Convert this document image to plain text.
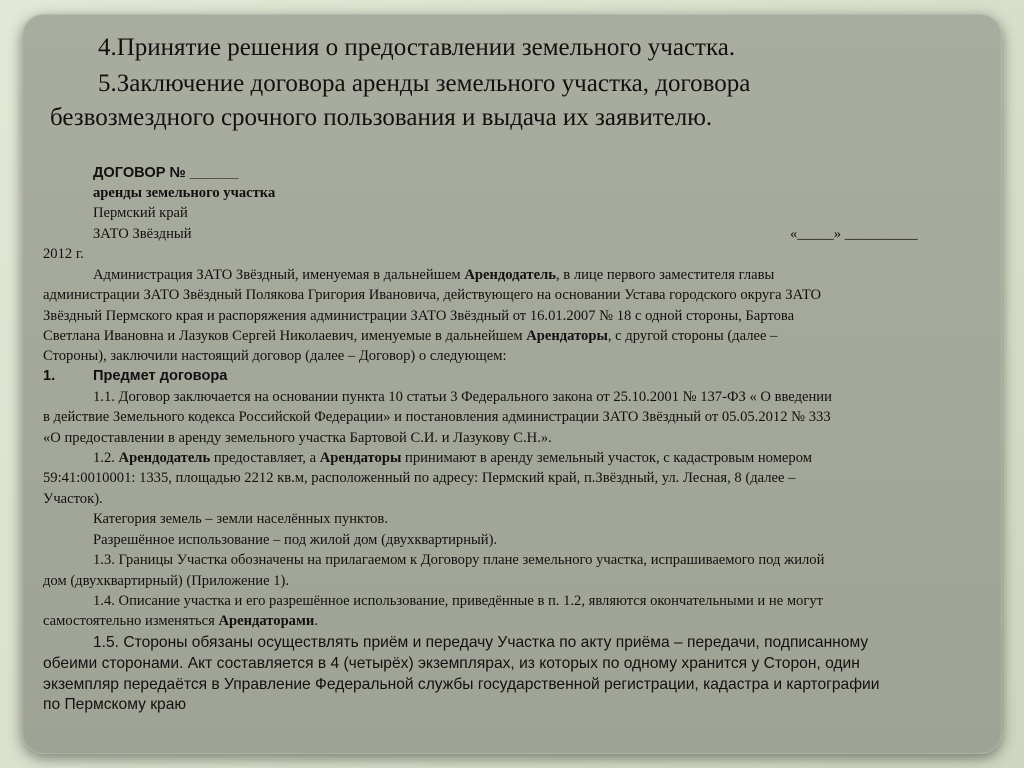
4.Принятие решения о предоставлении земельного участка.
5.Заключение договора аренды земельного участка, договора
безвозмездного срочного пользования и выдача их заявителю.
ДОГОВОР № ______
аренды земельного участка
Пермский край
ЗАТО Звёздный	«_____» __________
2012 г.
Администрация ЗАТО Звёздный, именуемая в дальнейшем Арендодатель, в лице первого заместителя главы
администрации ЗАТО Звёздный Полякова Григория Ивановича, действующего на основании Устава городского округа ЗАТО
Звёздный Пермского края и распоряжения администрации ЗАТО Звёздный от 16.01.2007 № 18 с одной стороны, Бартова
Светлана Ивановна и Лазуков Сергей Николаевич, именуемые в дальнейшем Арендаторы, с другой стороны (далее –
Стороны), заключили настоящий договор (далее – Договор) о следующем:
1.	Предмет договора
1.1. Договор заключается на основании пункта 10 статьи 3 Федерального закона от 25.10.2001 № 137-ФЗ « О введении
в действие Земельного кодекса Российской Федерации» и постановления администрации ЗАТО Звёздный от 05.05.2012 № 333
«О предоставлении в аренду земельного участка Бартовой С.И. и Лазукову С.Н.».
1.2. Арендодатель предоставляет, а Арендаторы принимают в аренду земельный участок, с кадастровым номером
59:41:0010001: 1335, площадью 2212 кв.м, расположенный по адресу: Пермский край, п.Звёздный, ул. Лесная, 8 (далее –
Участок).
Категория земель – земли населённых пунктов.
Разрешённое использование – под жилой дом (двухквартирный).
1.3. Границы Участка обозначены на прилагаемом к Договору плане земельного участка, испрашиваемого под жилой
дом (двухквартирный) (Приложение 1).
1.4. Описание участка и его разрешённое использование, приведённые в п. 1.2, являются окончательными и не могут
самостоятельно изменяться Арендаторами.
1.5. Стороны обязаны осуществлять приём и передачу Участка по акту приёма – передачи, подписанному
обеими сторонами. Акт составляется в 4 (четырёх) экземплярах, из которых по одному хранится у Сторон, один
экземпляр передаётся в Управление Федеральной службы государственной регистрации, кадастра и картографии
по Пермскому краю
